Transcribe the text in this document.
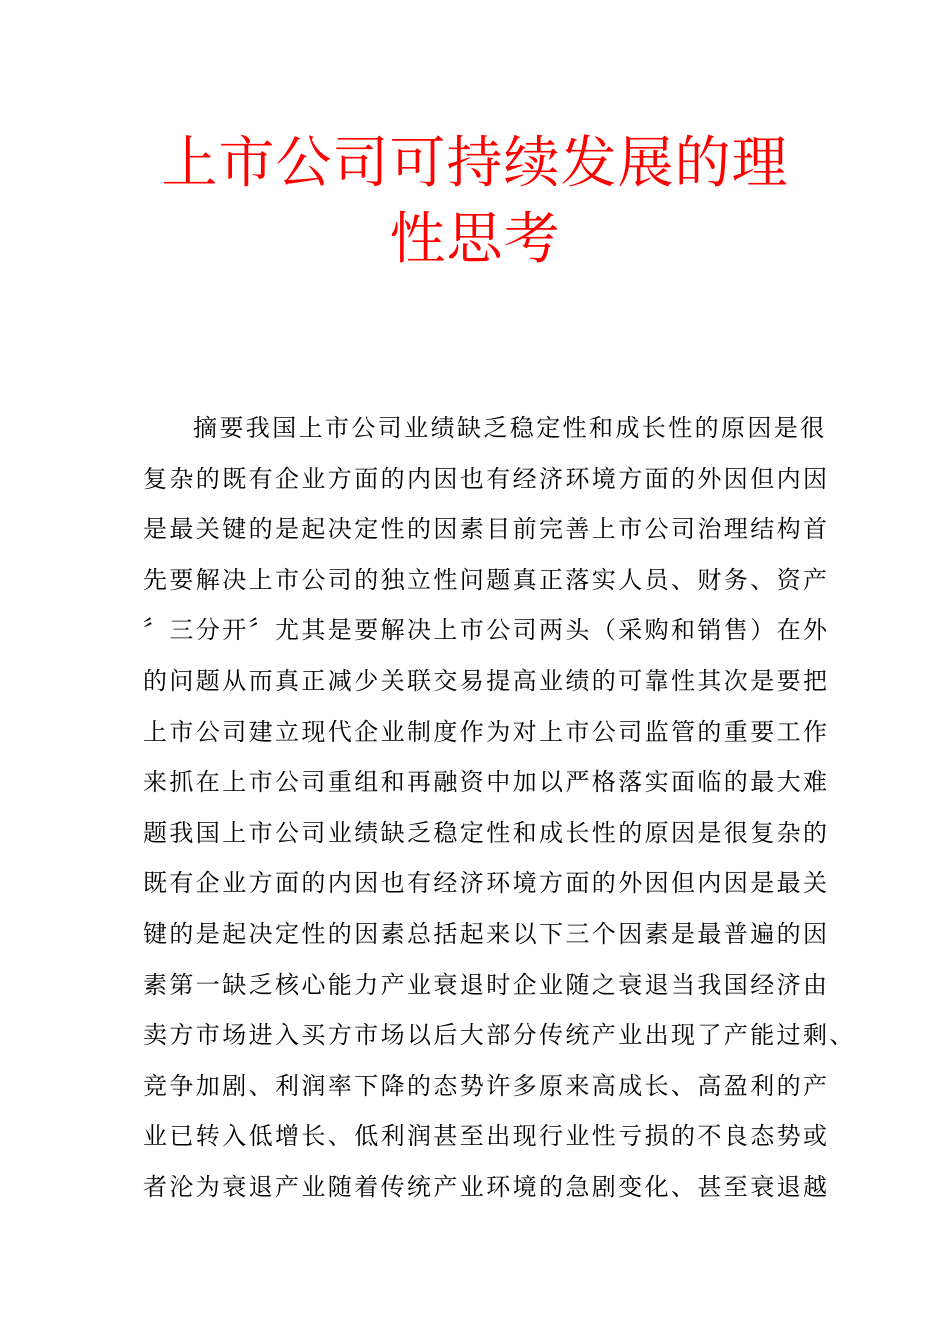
上市公司可持续发展的理
性思考
摘要我国上市公司业绩缺乏稳定性和成长性的原因是很
复杂的既有企业方面的内因也有经济环境方面的外因但内因
是最关键的是起决定性的因素目前完善上市公司治理结构首
先要解决上市公司的独立性问题真正落实人员、财务、资产
〞三分开〞尤其是要解决上市公司两头（采购和销售）在外
的问题从而真正减少关联交易提高业绩的可靠性其次是要把
上市公司建立现代企业制度作为对上市公司监管的重要工作
来抓在上市公司重组和再融资中加以严格落实面临的最大难
题我国上市公司业绩缺乏稳定性和成长性的原因是很复杂的
既有企业方面的内因也有经济环境方面的外因但内因是最关
键的是起决定性的因素总括起来以下三个因素是最普遍的因
素第一缺乏核心能力产业衰退时企业随之衰退当我国经济由
卖方市场进入买方市场以后大部分传统产业出现了产能过剩、
竞争加剧、利润率下降的态势许多原来高成长、高盈利的产
业已转入低增长、低利润甚至出现行业性亏损的不良态势或
者沦为衰退产业随着传统产业环境的急剧变化、甚至衰退越
